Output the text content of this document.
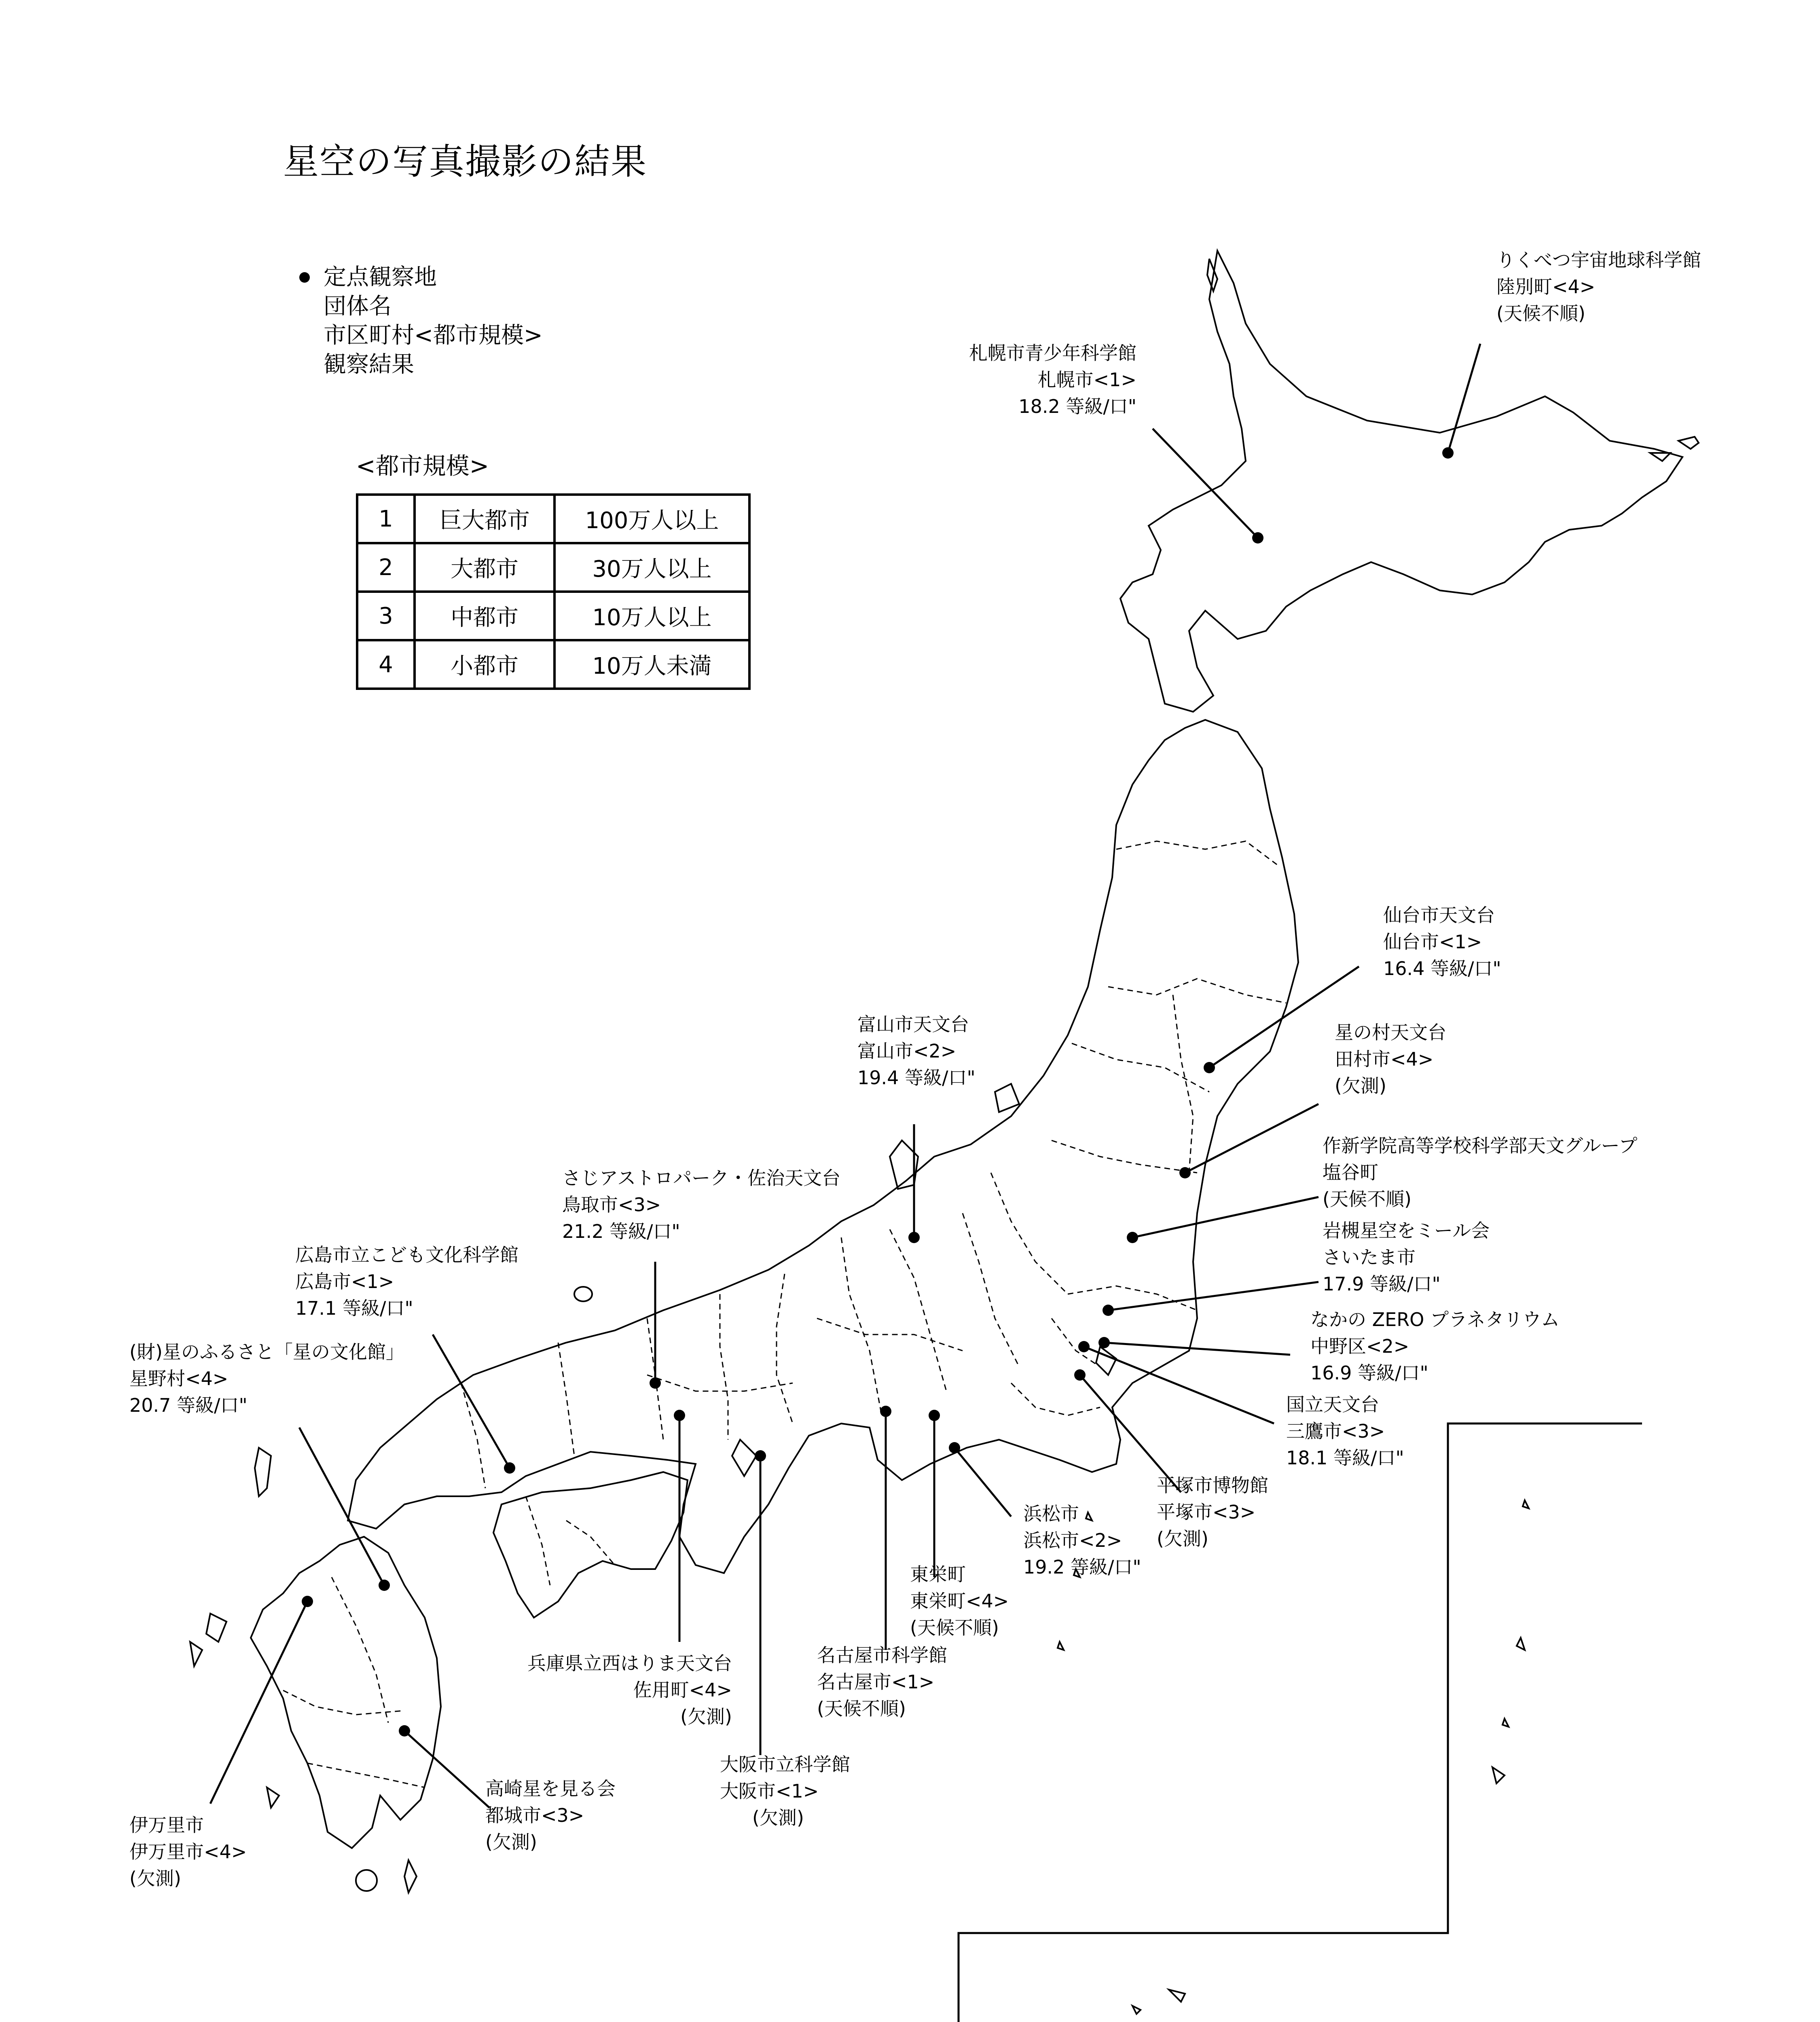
星空の写真撮影の結果
定点観察地
団体名
市区町村<都市規模>
観察結果
<都市規模>
1	巨大都市	100万人以上
2	大都市	30万人以上
3	中都市	10万人以上
4	小都市	10万人未満
りくべつ宇宙地球科学館
陸別町<4>
(天候不順)
札幌市青少年科学館
札幌市<1>
18.2 等級/口"
仙台市天文台
仙台市<1>
16.4 等級/口"
星の村天文台
田村市<4>
(欠測)
作新学院高等学校科学部天文グループ
塩谷町
(天候不順)
岩槻星空をミール会
さいたま市
17.9 等級/口"
なかの ZERO プラネタリウム
中野区<2>
16.9 等級/口"
国立天文台
三鷹市<3>
18.1 等級/口"
平塚市博物館
平塚市<3>
(欠測)
浜松市
浜松市<2>
19.2 等級/口"
東栄町
東栄町<4>
(天候不順)
名古屋市科学館
名古屋市<1>
(天候不順)
大阪市立科学館
大阪市<1>
(欠測)
兵庫県立西はりま天文台
佐用町<4>
(欠測)
富山市天文台
富山市<2>
19.4 等級/口"
さじアストロパーク・佐治天文台
鳥取市<3>
21.2 等級/口"
広島市立こども文化科学館
広島市<1>
17.1 等級/口"
(財)星のふるさと「星の文化館」
星野村<4>
20.7 等級/口"
伊万里市
伊万里市<4>
(欠測)
高崎星を見る会
都城市<3>
(欠測)
